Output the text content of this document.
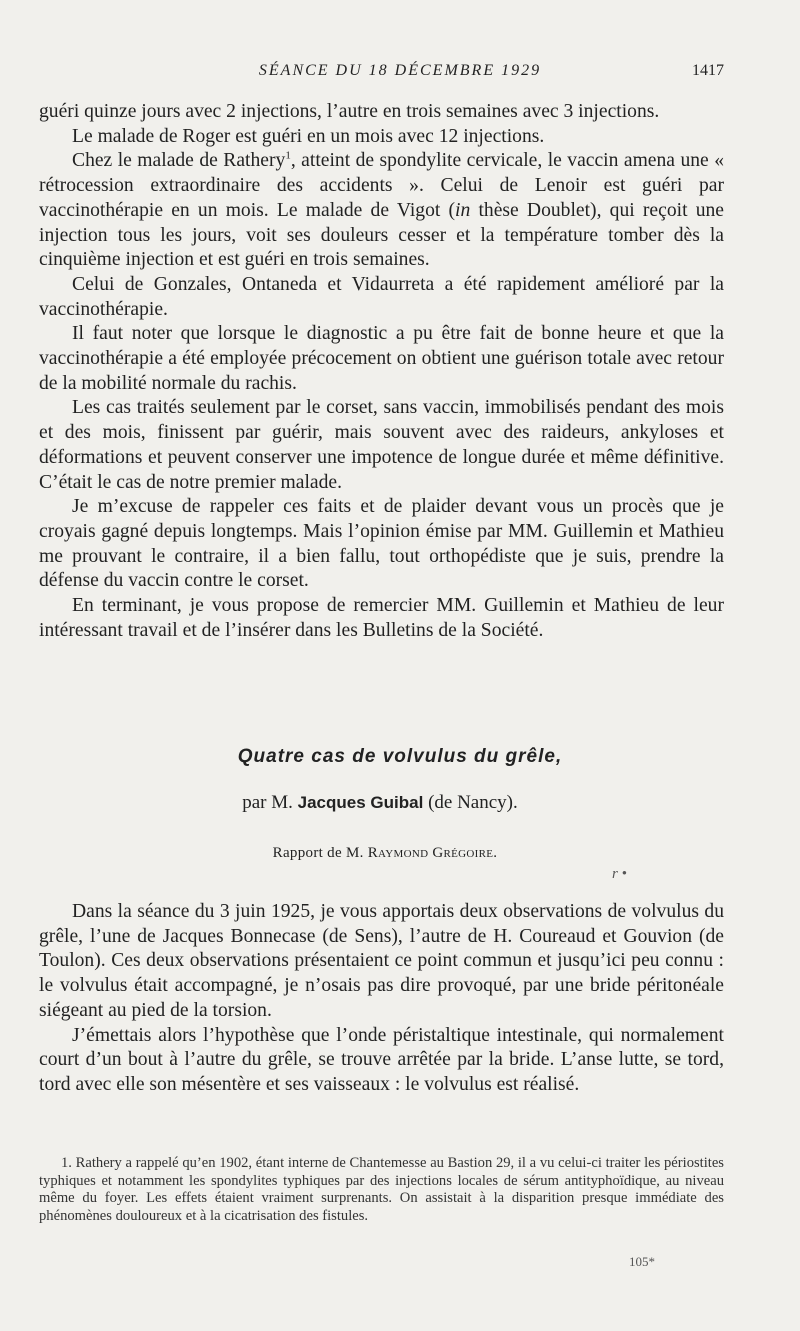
SÉANCE DU 18 DÉCEMBRE 1929	1417

guéri quinze jours avec 2 injections, l’autre en trois semaines avec 3 injections.

Le malade de Roger est guéri en un mois avec 12 injections.

Chez le malade de Rathery$^1$, atteint de spondylite cervicale, le vaccin amena une « rétrocession extraordinaire des accidents ». Celui de Lenoir est guéri par vaccinothérapie en un mois. Le malade de Vigot (in thèse Doublet), qui reçoit une injection tous les jours, voit ses douleurs cesser et la température tomber dès la cinquième injection et est guéri en trois semaines.

Celui de Gonzales, Ontaneda et Vidaurreta a été rapidement amélioré par la vaccinothérapie.

Il faut noter que lorsque le diagnostic a pu être fait de bonne heure et que la vaccinothérapie a été employée précocement on obtient une guérison totale avec retour de la mobilité normale du rachis.

Les cas traités seulement par le corset, sans vaccin, immobilisés pendant des mois et des mois, finissent par guérir, mais souvent avec des raideurs, ankyloses et déformations et peuvent conserver une impotence de longue durée et même définitive. C’était le cas de notre premier malade.

Je m’excuse de rappeler ces faits et de plaider devant vous un procès que je croyais gagné depuis longtemps. Mais l’opinion émise par MM. Guillemin et Mathieu me prouvant le contraire, il a bien fallu, tout orthopédiste que je suis, prendre la défense du vaccin contre le corset.

En terminant, je vous propose de remercier MM. Guillemin et Mathieu de leur intéressant travail et de l’insérer dans les Bulletins de la Société.

Quatre cas de volvulus du grêle,
par M. Jacques Guibal (de Nancy).
Rapport de M. Raymond Grégoire.
r •

Dans la séance du 3 juin 1925, je vous apportais deux observations de volvulus du grêle, l’une de Jacques Bonnecase (de Sens), l’autre de H. Coureaud et Gouvion (de Toulon). Ces deux observations présentaient ce point commun et jusqu’ici peu connu : le volvulus était accompagné, je n’osais pas dire provoqué, par une bride péritonéale siégeant au pied de la torsion.

J’émettais alors l’hypothèse que l’onde péristaltique intestinale, qui normalement court d’un bout à l’autre du grêle, se trouve arrêtée par la bride. L’anse lutte, se tord, tord avec elle son mésentère et ses vaisseaux : le volvulus est réalisé.

1. Rathery a rappelé qu’en 1902, étant interne de Chantemesse au Bastion 29, il a vu celui-ci traiter les périostites typhiques et notamment les spondylites typhiques par des injections locales de sérum antityphoïdique, au niveau même du foyer. Les effets étaient vraiment surprenants. On assistait à la disparition presque immédiate des phénomènes douloureux et à la cicatrisation des fistules.

105*
